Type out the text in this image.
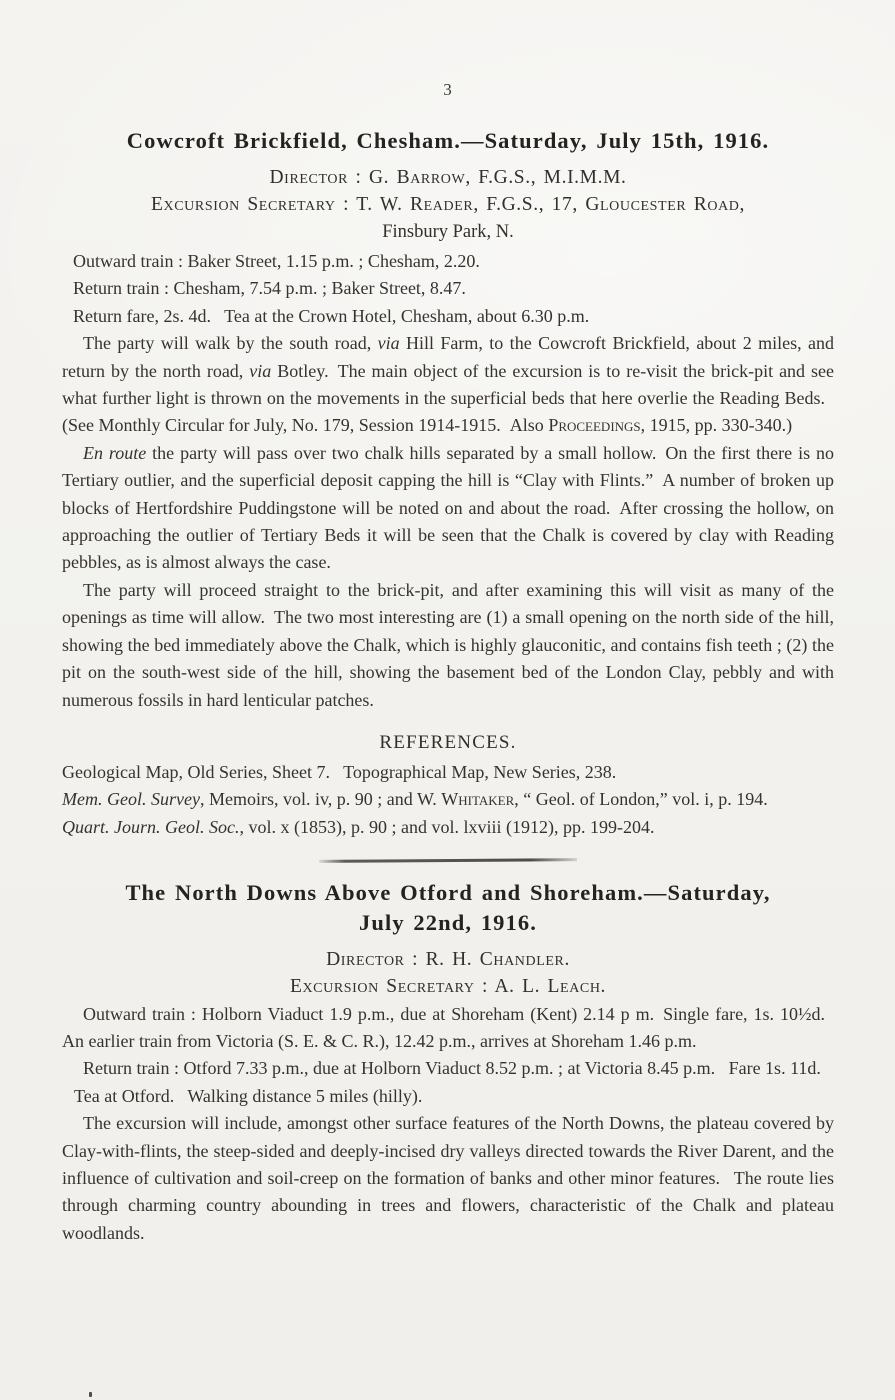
3
Cowcroft Brickfield, Chesham.—Saturday, July 15th, 1916.

Director : G. Barrow, F.G.S., M.I.M.M.

Excursion Secretary : T. W. Reader, F.G.S., 17, Gloucester Road,

Finsbury Park, N.

Outward train : Baker Street, 1.15 p.m. ; Chesham, 2.20.

Return train : Chesham, 7.54 p.m. ; Baker Street, 8.47.

Return fare, 2s. 4d.  Tea at the Crown Hotel, Chesham, about 6.30 p.m.

The party will walk by the south road, via Hill Farm, to the Cowcroft Brickfield, about 2 miles, and return by the north road, via Botley. The main object of the excursion is to re-visit the brick-pit and see what further light is thrown on the movements in the superficial beds that here overlie the Reading Beds. (See Monthly Circular for July, No. 179, Session 1914-1915. Also Proceedings, 1915, pp. 330-340.)

En route the party will pass over two chalk hills separated by a small hollow. On the first there is no Tertiary outlier, and the superficial deposit capping the hill is “Clay with Flints.” A number of broken up blocks of Hertfordshire Puddingstone will be noted on and about the road. After crossing the hollow, on approaching the outlier of Tertiary Beds it will be seen that the Chalk is covered by clay with Reading pebbles, as is almost always the case.

The party will proceed straight to the brick-pit, and after examining this will visit as many of the openings as time will allow. The two most interesting are (1) a small opening on the north side of the hill, showing the bed immediately above the Chalk, which is highly glauconitic, and contains fish teeth ; (2) the pit on the south-west side of the hill, showing the basement bed of the London Clay, pebbly and with numerous fossils in hard lenticular patches.

REFERENCES.

Geological Map, Old Series, Sheet 7.  Topographical Map, New Series, 238.

Mem. Geol. Survey, Memoirs, vol. iv, p. 90 ; and W. Whitaker, “ Geol. of London,” vol. i, p. 194.

Quart. Journ. Geol. Soc., vol. x (1853), p. 90 ; and vol. lxviii (1912), pp. 199-204.

The North Downs Above Otford and Shoreham.—Saturday,
July 22nd, 1916.

Director : R. H. Chandler.

Excursion Secretary : A. L. Leach.

Outward train : Holborn Viaduct 1.9 p.m., due at Shoreham (Kent) 2.14 p m. Single fare, 1s. 10½d.  An earlier train from Victoria (S. E. & C. R.), 12.42 p.m., arrives at Shoreham 1.46 p.m.

Return train : Otford 7.33 p.m., due at Holborn Viaduct 8.52 p.m. ; at Victoria 8.45 p.m.  Fare 1s. 11d.

Tea at Otford.  Walking distance 5 miles (hilly).

The excursion will include, amongst other surface features of the North Downs, the plateau covered by Clay-with-flints, the steep-sided and deeply-incised dry valleys directed towards the River Darent, and the influence of cultivation and soil-creep on the formation of banks and other minor features.  The route lies through charming country abounding in trees and flowers, characteristic of the Chalk and plateau woodlands.
